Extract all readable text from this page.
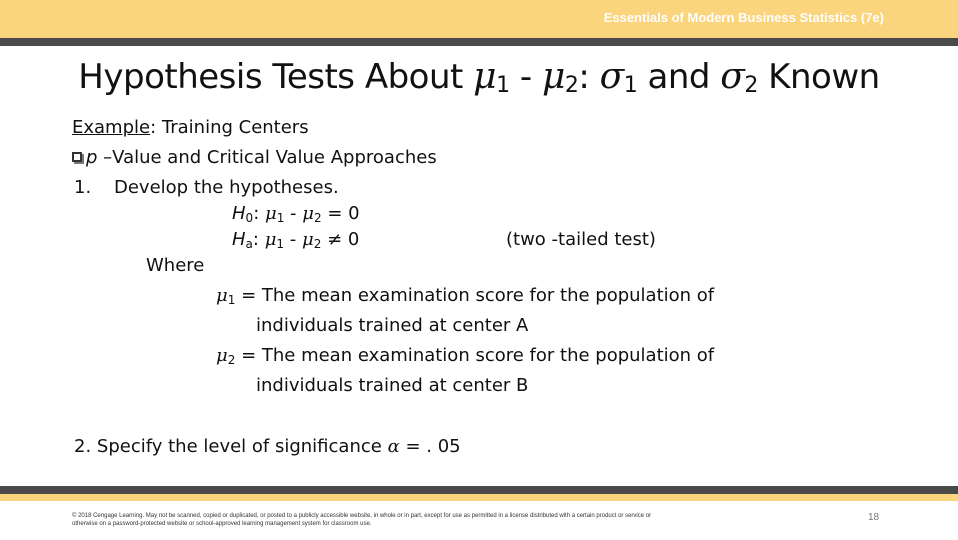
Essentials of Modern Business Statistics (7e)
Hypothesis Tests About $\mu_1 - \mu_2$: $\sigma_1$ and $\sigma_2$ Known
Example: Training Centers
p –Value and Critical Value Approaches
1. Develop the hypotheses.
$H_0$: $\mu_1 - \mu_2 = 0$
$H_a$: $\mu_1 - \mu_2 \ne 0$	(two -tailed test)
Where
$\mu_1$ = The mean examination score for the population of
individuals trained at center A
$\mu_2$ = The mean examination score for the population of
individuals trained at center B
2. Specify the level of significance α = . 05
© 2018 Cengage Learning. May not be scanned, copied or duplicated, or posted to a publicly accessible website, in whole or in part, except for use as permitted in a license distributed with a certain product or service or
otherwise on a password-protected website or school-approved learning management system for classroom use.
18
